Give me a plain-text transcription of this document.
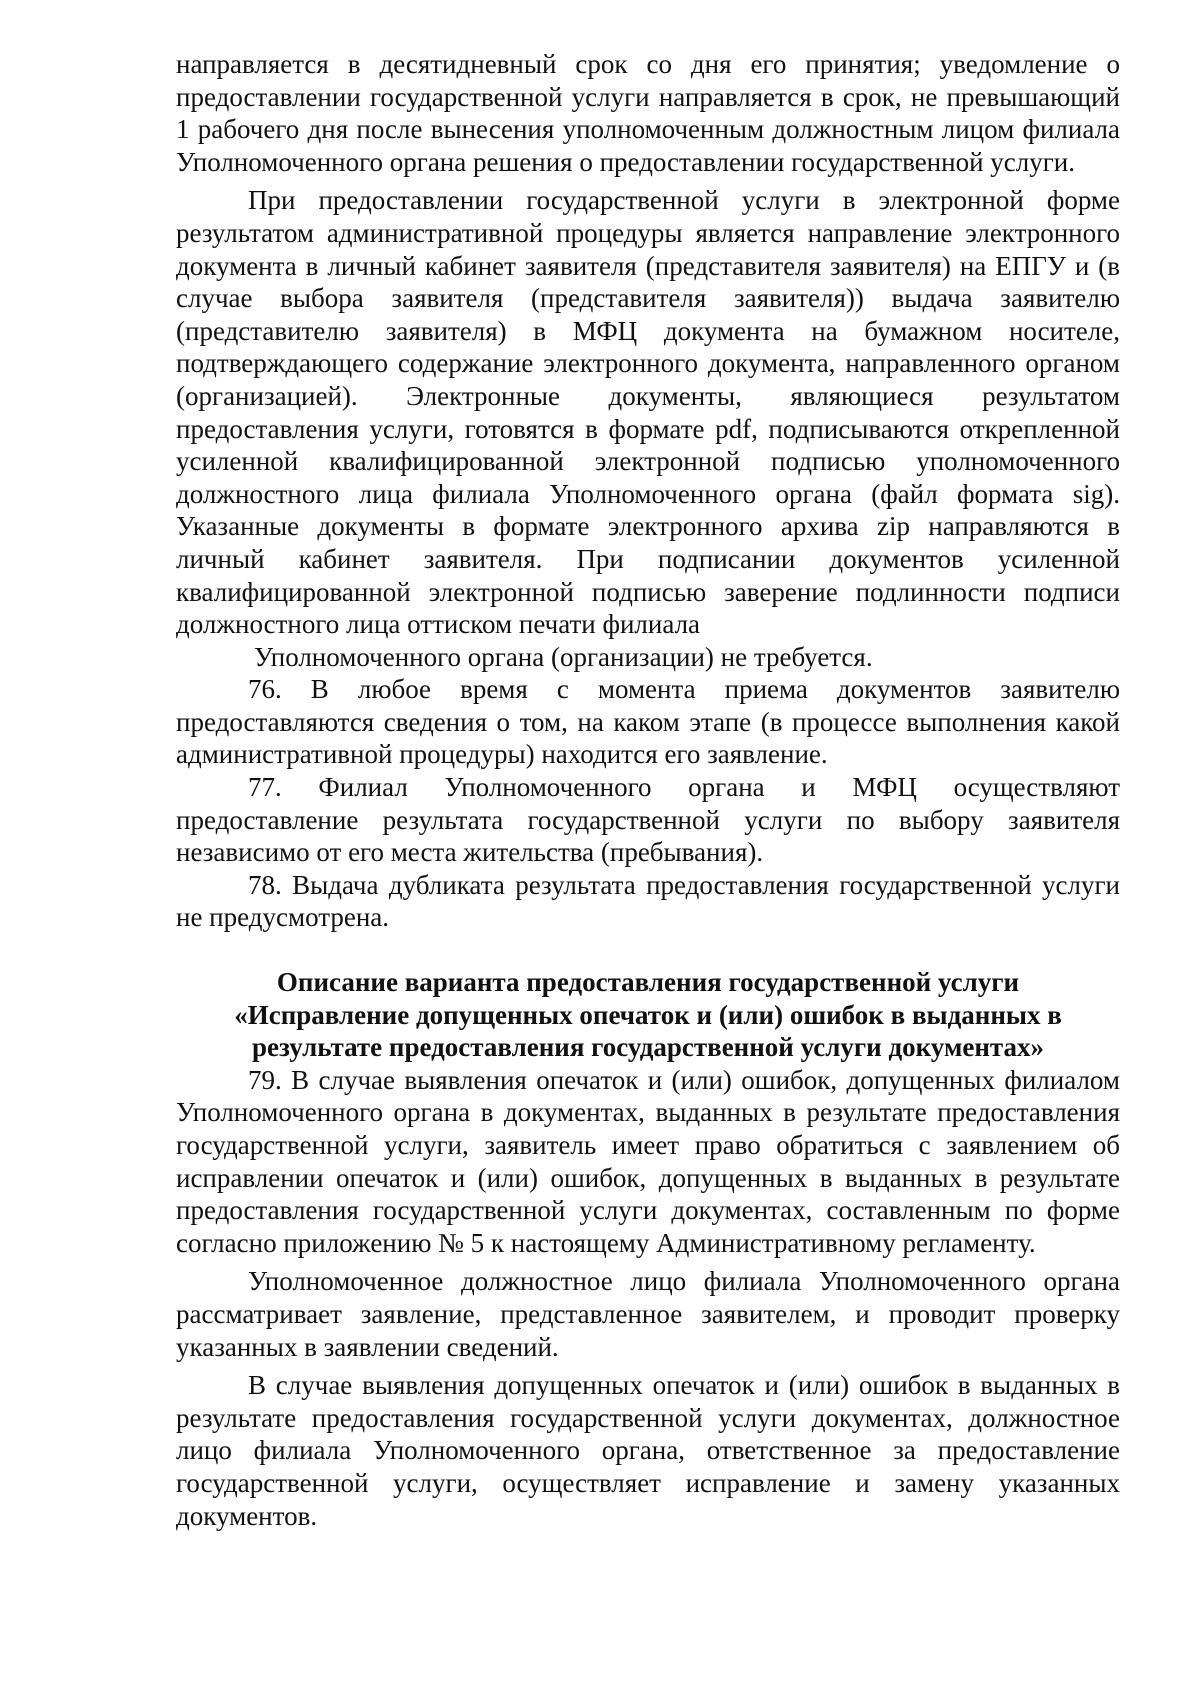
направляется в десятидневный срок со дня его принятия; уведомление о предоставлении государственной услуги направляется в срок, не превышающий 1 рабочего дня после вынесения уполномоченным должностным лицом филиала Уполномоченного органа решения о предоставлении государственной услуги.

При предоставлении государственной услуги в электронной форме результатом административной процедуры является направление электронного документа в личный кабинет заявителя (представителя заявителя) на ЕПГУ и (в случае выбора заявителя (представителя заявителя)) выдача заявителю (представителю заявителя) в МФЦ документа на бумажном носителе, подтверждающего содержание электронного документа, направленного органом (организацией). Электронные документы, являющиеся результатом предоставления услуги, готовятся в формате pdf, подписываются открепленной усиленной квалифицированной электронной подписью уполномоченного должностного лица филиала Уполномоченного органа (файл формата sig). Указанные документы в формате электронного архива zip направляются в личный кабинет заявителя. При подписании документов усиленной квалифицированной электронной подписью заверение подлинности подписи должностного лица оттиском печати филиала

Уполномоченного органа (организации) не требуется.

76. В любое время с момента приема документов заявителю предоставляются сведения о том, на каком этапе (в процессе выполнения какой административной процедуры) находится его заявление.

77. Филиал Уполномоченного органа и МФЦ осуществляют предоставление результата государственной услуги по выбору заявителя независимо от его места жительства (пребывания).

78. Выдача дубликата результата предоставления государственной услуги не предусмотрена.

Описание варианта предоставления государственной услуги

«Исправление допущенных опечаток и (или) ошибок в выданных в

результате предоставления государственной услуги документах»

79. В случае выявления опечаток и (или) ошибок, допущенных филиалом Уполномоченного органа в документах, выданных в результате предоставления государственной услуги, заявитель имеет право обратиться с заявлением об исправлении опечаток и (или) ошибок, допущенных в выданных в результате предоставления государственной услуги документах, составленным по форме согласно приложению № 5 к настоящему Административному регламенту.

Уполномоченное должностное лицо филиала Уполномоченного органа рассматривает заявление, представленное заявителем, и проводит проверку указанных в заявлении сведений.

В случае выявления допущенных опечаток и (или) ошибок в выданных в результате предоставления государственной услуги документах, должностное лицо филиала Уполномоченного органа, ответственное за предоставление государственной услуги, осуществляет исправление и замену указанных документов.
